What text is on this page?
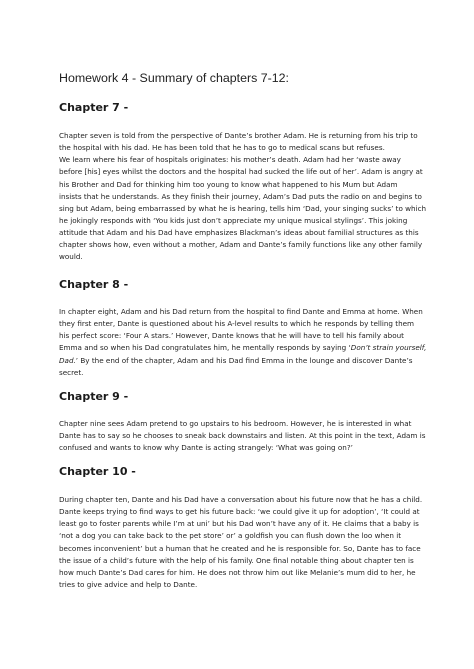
Homework 4 - Summary of chapters 7-12:
Chapter 7 -
Chapter seven is told from the perspective of Dante’s brother Adam. He is returning from his trip to
the hospital with his dad. He has been told that he has to go to medical scans but refuses.
We learn where his fear of hospitals originates: his mother’s death. Adam had her ‘waste away
before [his] eyes whilst the doctors and the hospital had sucked the life out of her’. Adam is angry at
his Brother and Dad for thinking him too young to know what happened to his Mum but Adam
insists that he understands. As they finish their journey, Adam’s Dad puts the radio on and begins to
sing but Adam, being embarrassed by what he is hearing, tells him ‘Dad, your singing sucks’ to which
he jokingly responds with ‘You kids just don’t appreciate my unique musical stylings’. This joking
attitude that Adam and his Dad have emphasizes Blackman’s ideas about familial structures as this
chapter shows how, even without a mother, Adam and Dante’s family functions like any other family
would.
Chapter 8 -
In chapter eight, Adam and his Dad return from the hospital to find Dante and Emma at home. When
they first enter, Dante is questioned about his A-level results to which he responds by telling them
his perfect score: ‘Four A stars.’ However, Dante knows that he will have to tell his family about
Emma and so when his Dad congratulates him, he mentally responds by saying ‘Don’t strain yourself,
Dad.’ By the end of the chapter, Adam and his Dad find Emma in the lounge and discover Dante’s
secret.
Chapter 9 -
Chapter nine sees Adam pretend to go upstairs to his bedroom. However, he is interested in what
Dante has to say so he chooses to sneak back downstairs and listen. At this point in the text, Adam is
confused and wants to know why Dante is acting strangely: ‘What was going on?’
Chapter 10 -
During chapter ten, Dante and his Dad have a conversation about his future now that he has a child.
Dante keeps trying to find ways to get his future back: ‘we could give it up for adoption’, ‘It could at
least go to foster parents while I’m at uni’ but his Dad won’t have any of it. He claims that a baby is
‘not a dog you can take back to the pet store’ or’ a goldfish you can flush down the loo when it
becomes inconvenient’ but a human that he created and he is responsible for. So, Dante has to face
the issue of a child’s future with the help of his family. One final notable thing about chapter ten is
how much Dante’s Dad cares for him. He does not throw him out like Melanie’s mum did to her, he
tries to give advice and help to Dante.
